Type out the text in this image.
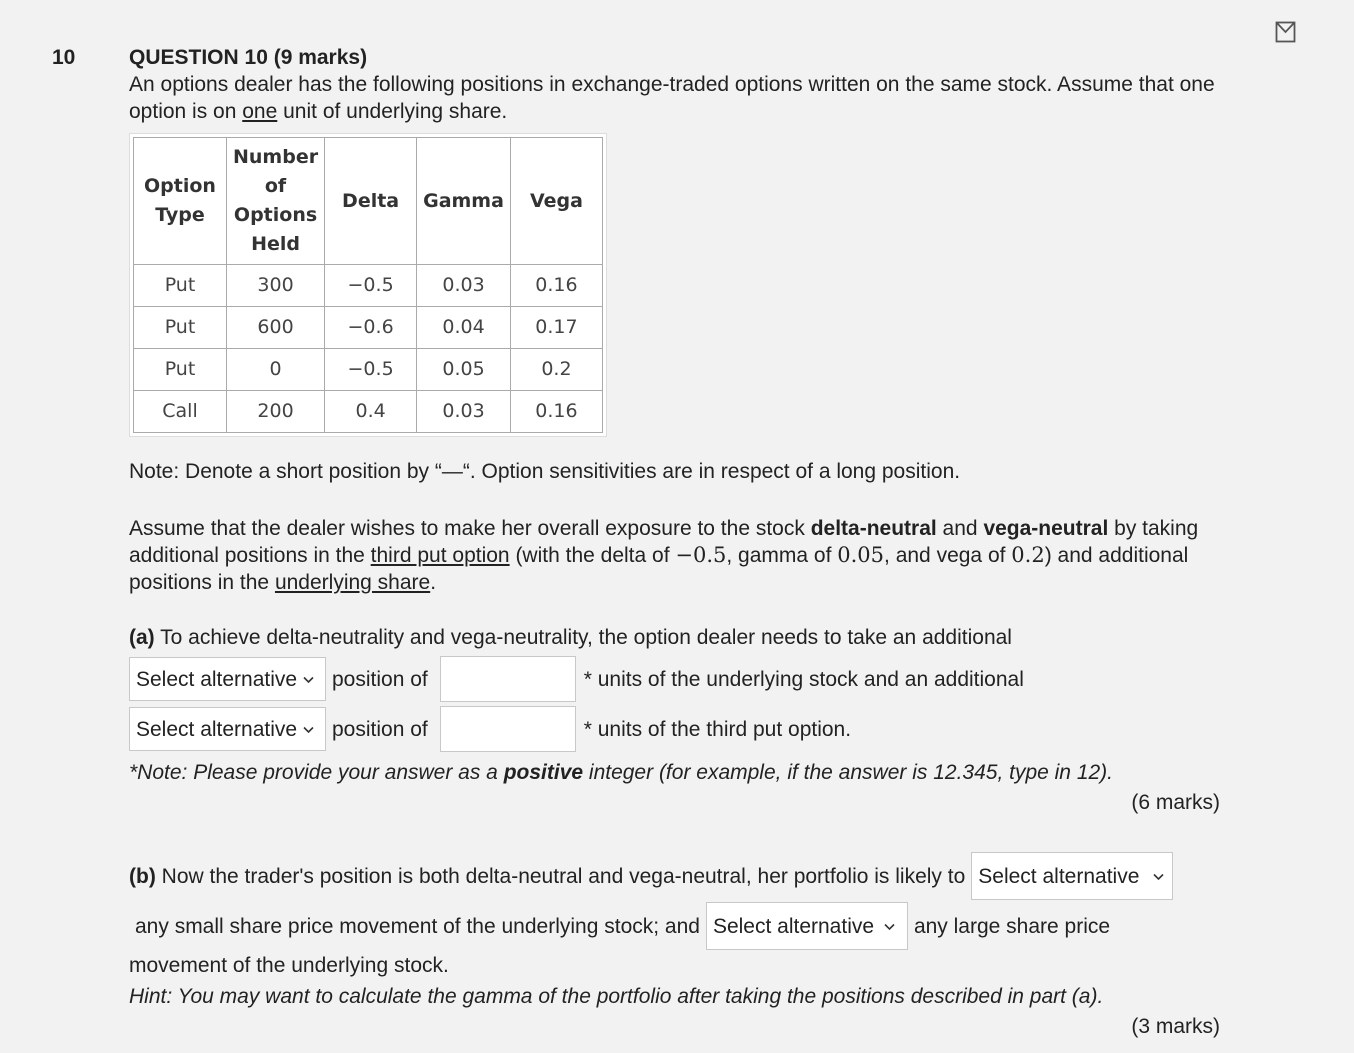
10	QUESTION 10 (9 marks)

An options dealer has the following positions in exchange-traded options written on the same stock. Assume that one option is on one unit of underlying share.

Option Type	Number of Options Held	Delta	Gamma	Vega
Put	300	−0.5	0.03	0.16
Put	600	−0.6	0.04	0.17
Put	0	−0.5	0.05	0.2
Call	200	0.4	0.03	0.16

Note: Denote a short position by “—“. Option sensitivities are in respect of a long position.

Assume that the dealer wishes to make her overall exposure to the stock delta-neutral and vega-neutral by taking additional positions in the third put option (with the delta of −0.5, gamma of 0.05, and vega of 0.2) and additional positions in the underlying share.

(a) To achieve delta-neutrality and vega-neutrality, the option dealer needs to take an additional

Select alternative position of	* units of the underlying stock and an additional
Select alternative position of	* units of the third put option.

*Note: Please provide your answer as a positive integer (for example, if the answer is 12.345, type in 12).

(6 marks)

(b) Now the trader's position is both delta-neutral and vega-neutral, her portfolio is likely to Select alternative
any small share price movement of the underlying stock; and Select alternative any large share price

movement of the underlying stock.

Hint: You may want to calculate the gamma of the portfolio after taking the positions described in part (a).

(3 marks)
